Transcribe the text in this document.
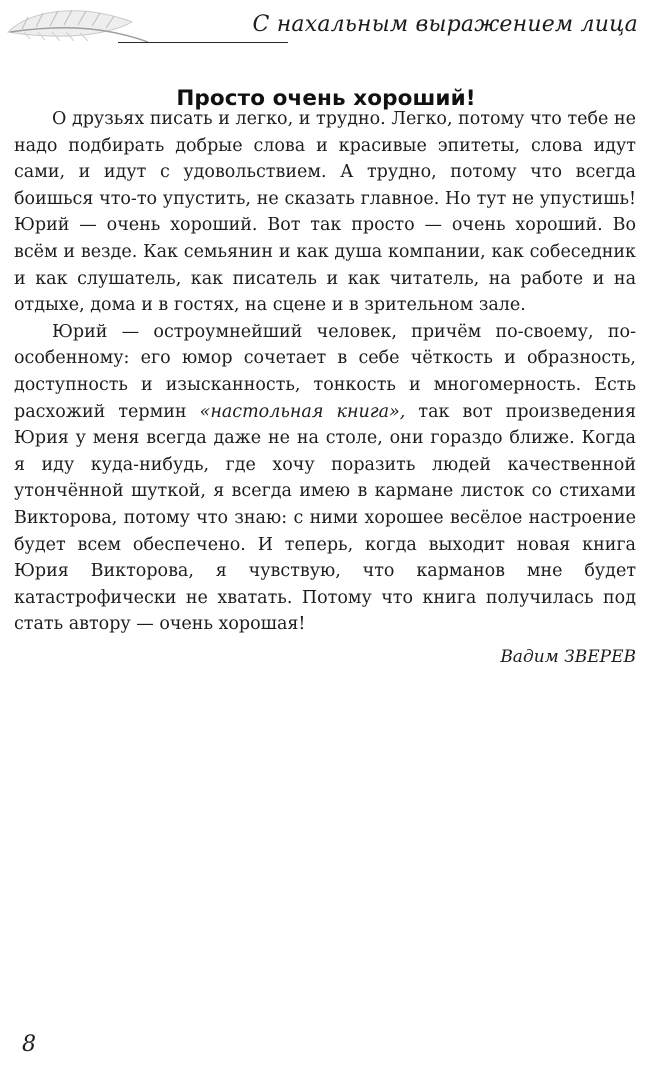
С нахальным выражением лица
Просто очень хороший!

О друзьях писать и легко, и трудно. Легко, потому что тебе не надо подбирать добрые слова и красивые эпитеты, слова идут сами, и идут с удовольствием. А трудно, потому что всегда боишься что-то упустить, не сказать главное. Но тут не упустишь! Юрий — очень хороший. Вот так просто — очень хороший. Во всём и везде. Как семьянин и как душа компании, как собеседник и как слушатель, как писатель и как читатель, на работе и на отдыхе, дома и в гостях, на сцене и в зрительном зале.

Юрий — остроумнейший человек, причём по-своему, по-особенному: его юмор сочетает в себе чёткость и образность, доступность и изысканность, тонкость и многомерность. Есть расхожий термин «настольная книга», так вот произведения Юрия у меня всегда даже не на столе, они гораздо ближе. Когда я иду куда-нибудь, где хочу поразить людей качественной утончённой шуткой, я всегда имею в кармане листок со стихами Викторова, потому что знаю: с ними хорошее весёлое настроение будет всем обеспечено. И теперь, когда выходит новая книга Юрия Викторова, я чувствую, что карманов мне будет катастрофически не хватать. Потому что книга получилась под стать автору — очень хорошая!

Вадим ЗВЕРЕВ

8
